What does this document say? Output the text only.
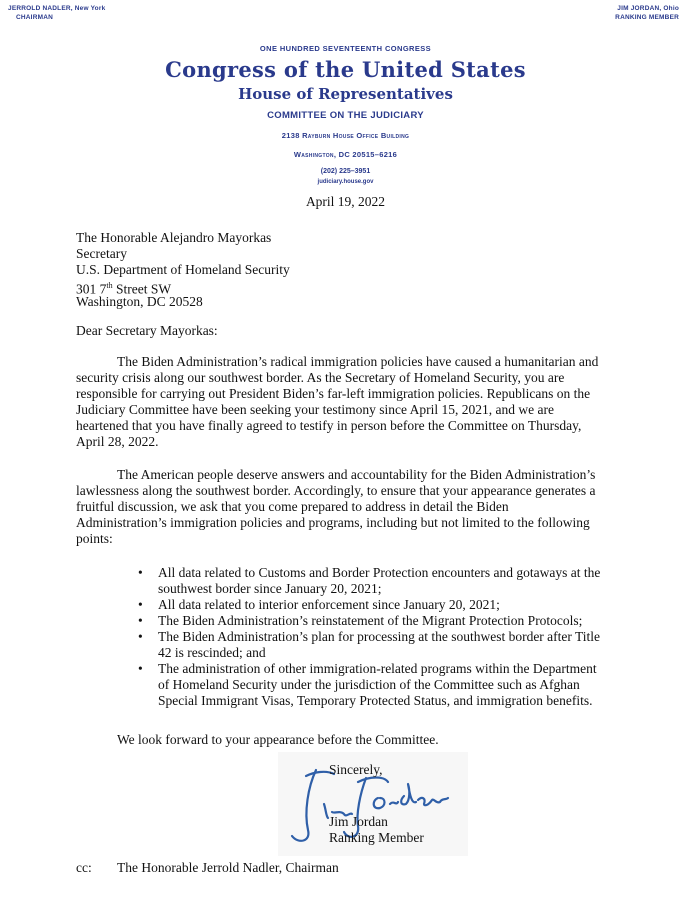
JERROLD NADLER, New York
CHAIRMAN
JIM JORDAN, Ohio
RANKING MEMBER
ONE HUNDRED SEVENTEENTH CONGRESS
Congress of the United States
House of Representatives
COMMITTEE ON THE JUDICIARY
2138 Rayburn House Office Building
Washington, DC 20515–6216
(202) 225–3951
judiciary.house.gov
April 19, 2022
The Honorable Alejandro Mayorkas
Secretary
U.S. Department of Homeland Security
301 7th Street SW
Washington, DC 20528
Dear Secretary Mayorkas:
The Biden Administration’s radical immigration policies have caused a humanitarian and
security crisis along our southwest border. As the Secretary of Homeland Security, you are
responsible for carrying out President Biden’s far-left immigration policies. Republicans on the
Judiciary Committee have been seeking your testimony since April 15, 2021, and we are
heartened that you have finally agreed to testify in person before the Committee on Thursday,
April 28, 2022.
The American people deserve answers and accountability for the Biden Administration’s
lawlessness along the southwest border. Accordingly, to ensure that your appearance generates a
fruitful discussion, we ask that you come prepared to address in detail the Biden
Administration’s immigration policies and programs, including but not limited to the following
points:
• All data related to Customs and Border Protection encounters and gotaways at the
southwest border since January 20, 2021;
• All data related to interior enforcement since January 20, 2021;
• The Biden Administration’s reinstatement of the Migrant Protection Protocols;
• The Biden Administration’s plan for processing at the southwest border after Title
42 is rescinded; and
• The administration of other immigration-related programs within the Department
of Homeland Security under the jurisdiction of the Committee such as Afghan
Special Immigrant Visas, Temporary Protected Status, and immigration benefits.
We look forward to your appearance before the Committee.
Sincerely,
Jim Jordan
Ranking Member
cc: The Honorable Jerrold Nadler, Chairman
